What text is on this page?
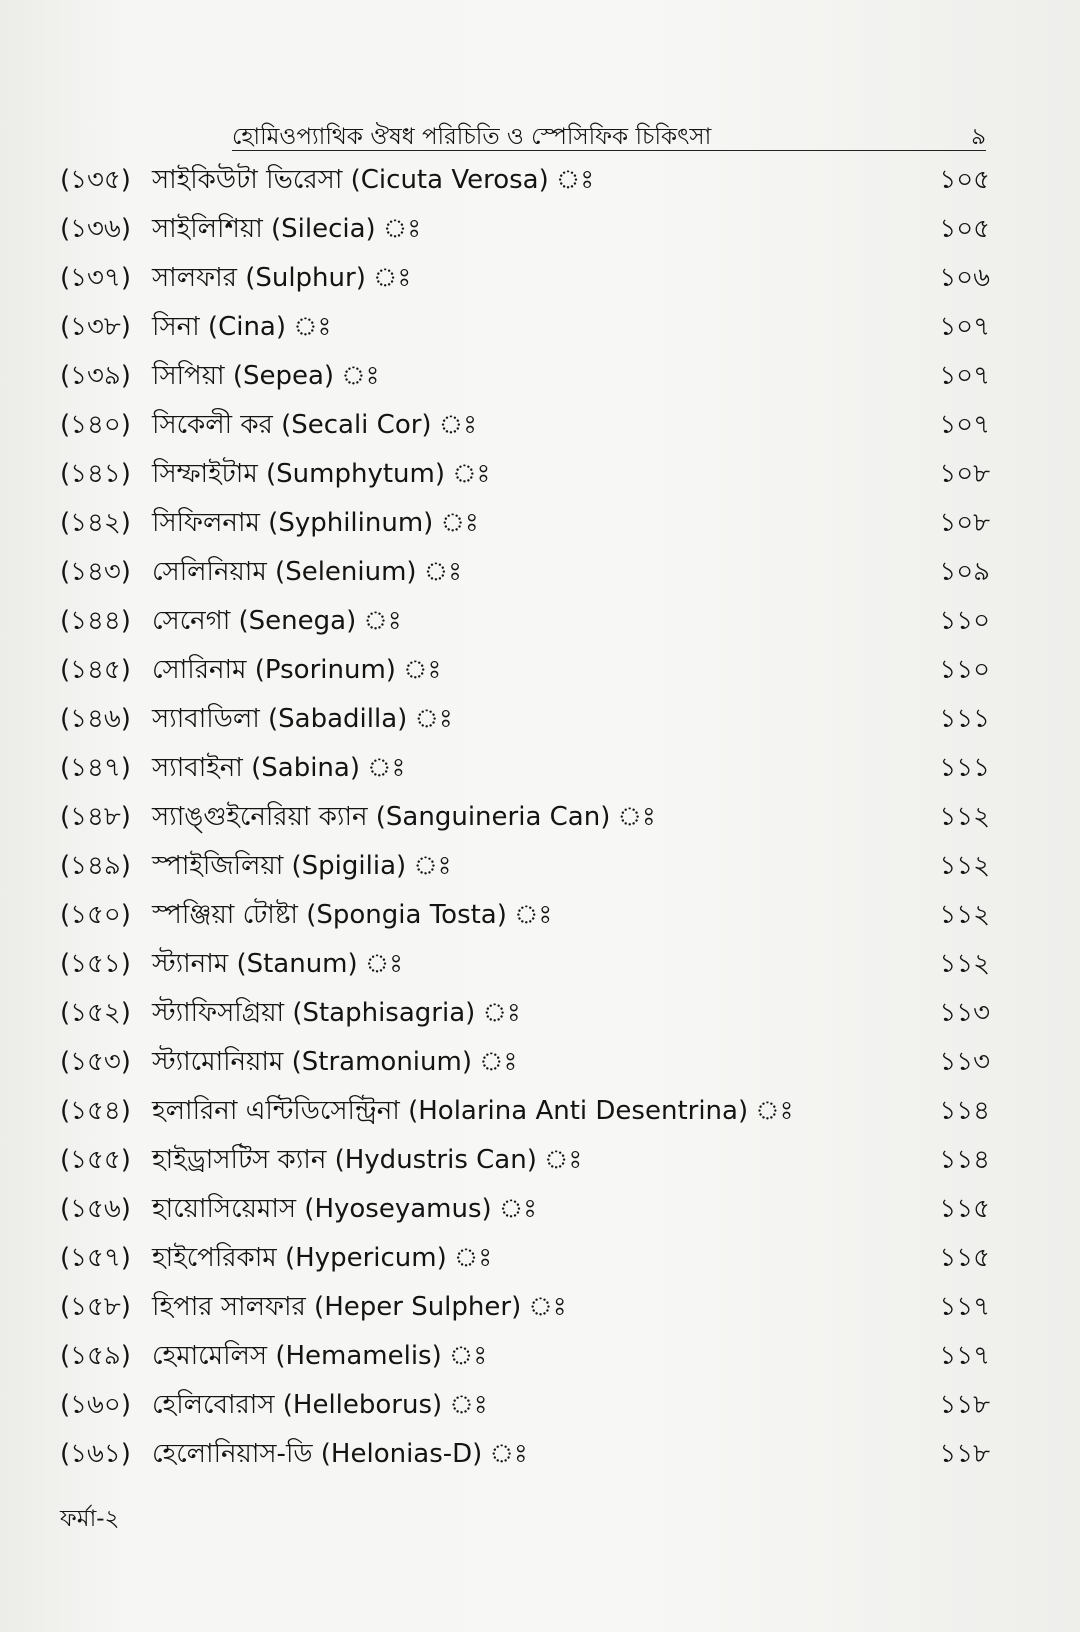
হোমিওপ্যাথিক ঔষধ পরিচিতি ও স্পেসিফিক চিকিৎসা	৯
(১৩৫) সাইকিউটা ভিরেসা (Cicuta Verosa) ঃ	১০৫
(১৩৬) সাইলিশিয়া (Silecia) ঃ	১০৫
(১৩৭) সালফার (Sulphur) ঃ	১০৬
(১৩৮) সিনা (Cina) ঃ	১০৭
(১৩৯) সিপিয়া (Sepea) ঃ	১০৭
(১৪০) সিকেলী কর (Secali Cor) ঃ	১০৭
(১৪১) সিম্ফাইটাম (Sumphytum) ঃ	১০৮
(১৪২) সিফিলনাম (Syphilinum) ঃ	১০৮
(১৪৩) সেলিনিয়াম (Selenium) ঃ	১০৯
(১৪৪) সেনেগা (Senega) ঃ	১১০
(১৪৫) সোরিনাম (Psorinum) ঃ	১১০
(১৪৬) স্যাবাডিলা (Sabadilla) ঃ	১১১
(১৪৭) স্যাবাইনা (Sabina) ঃ	১১১
(১৪৮) স্যাঙ্গুইনেরিয়া ক্যান (Sanguineria Can) ঃ	১১২
(১৪৯) স্পাইজিলিয়া (Spigilia) ঃ	১১২
(১৫০) স্পঞ্জিয়া টোষ্টা (Spongia Tosta) ঃ	১১২
(১৫১) স্ট্যানাম (Stanum) ঃ	১১২
(১৫২) স্ট্যাফিসগ্রিয়া (Staphisagria) ঃ	১১৩
(১৫৩) স্ট্যামোনিয়াম (Stramonium) ঃ	১১৩
(১৫৪) হলারিনা এন্টিডিসেন্ট্রিনা (Holarina Anti Desentrina) ঃ	১১৪
(১৫৫) হাইড্রাসটিস ক্যান (Hydustris Can) ঃ	১১৪
(১৫৬) হায়োসিয়েমাস (Hyoseyamus) ঃ	১১৫
(১৫৭) হাইপেরিকাম (Hypericum) ঃ	১১৫
(১৫৮) হিপার সালফার (Heper Sulpher) ঃ	১১৭
(১৫৯) হেমামেলিস (Hemamelis) ঃ	১১৭
(১৬০) হেলিবোরাস (Helleborus) ঃ	১১৮
(১৬১) হেলোনিয়াস-ডি (Helonias-D) ঃ	১১৮
ফর্মা-২
